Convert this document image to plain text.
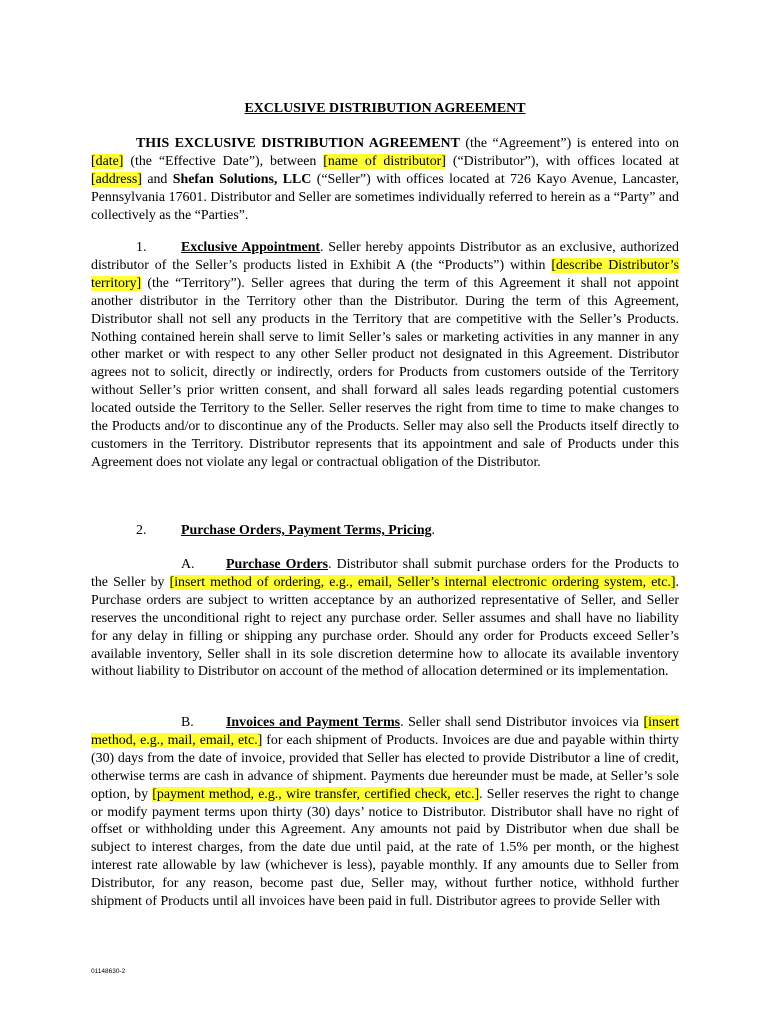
EXCLUSIVE DISTRIBUTION AGREEMENT

THIS EXCLUSIVE DISTRIBUTION AGREEMENT (the “Agreement”) is entered into on [date] (the “Effective Date”), between [name of distributor] (“Distributor”), with offices located at [address] and Shefan Solutions, LLC (“Seller”) with offices located at 726 Kayo Avenue, Lancaster, Pennsylvania 17601. Distributor and Seller are sometimes individually referred to herein as a “Party” and collectively as the “Parties”.

1. Exclusive Appointment. Seller hereby appoints Distributor as an exclusive, authorized distributor of the Seller’s products listed in Exhibit A (the “Products”) within [describe Distributor’s territory] (the “Territory”). Seller agrees that during the term of this Agreement it shall not appoint another distributor in the Territory other than the Distributor. During the term of this Agreement, Distributor shall not sell any products in the Territory that are competitive with the Seller’s Products. Nothing contained herein shall serve to limit Seller’s sales or marketing activities in any manner in any other market or with respect to any other Seller product not designated in this Agreement. Distributor agrees not to solicit, directly or indirectly, orders for Products from customers outside of the Territory without Seller’s prior written consent, and shall forward all sales leads regarding potential customers located outside the Territory to the Seller. Seller reserves the right from time to time to make changes to the Products and/or to discontinue any of the Products. Seller may also sell the Products itself directly to customers in the Territory. Distributor represents that its appointment and sale of Products under this Agreement does not violate any legal or contractual obligation of the Distributor.

2. Purchase Orders, Payment Terms, Pricing.

A. Purchase Orders. Distributor shall submit purchase orders for the Products to the Seller by [insert method of ordering, e.g., email, Seller’s internal electronic ordering system, etc.]. Purchase orders are subject to written acceptance by an authorized representative of Seller, and Seller reserves the unconditional right to reject any purchase order. Seller assumes and shall have no liability for any delay in filling or shipping any purchase order. Should any order for Products exceed Seller’s available inventory, Seller shall in its sole discretion determine how to allocate its available inventory without liability to Distributor on account of the method of allocation determined or its implementation.

B. Invoices and Payment Terms. Seller shall send Distributor invoices via [insert method, e.g., mail, email, etc.] for each shipment of Products. Invoices are due and payable within thirty (30) days from the date of invoice, provided that Seller has elected to provide Distributor a line of credit, otherwise terms are cash in advance of shipment. Payments due hereunder must be made, at Seller’s sole option, by [payment method, e.g., wire transfer, certified check, etc.]. Seller reserves the right to change or modify payment terms upon thirty (30) days’ notice to Distributor. Distributor shall have no right of offset or withholding under this Agreement. Any amounts not paid by Distributor when due shall be subject to interest charges, from the date due until paid, at the rate of 1.5% per month, or the highest interest rate allowable by law (whichever is less), payable monthly. If any amounts due to Seller from Distributor, for any reason, become past due, Seller may, without further notice, withhold further shipment of Products until all invoices have been paid in full. Distributor agrees to provide Seller with

01148630-2
